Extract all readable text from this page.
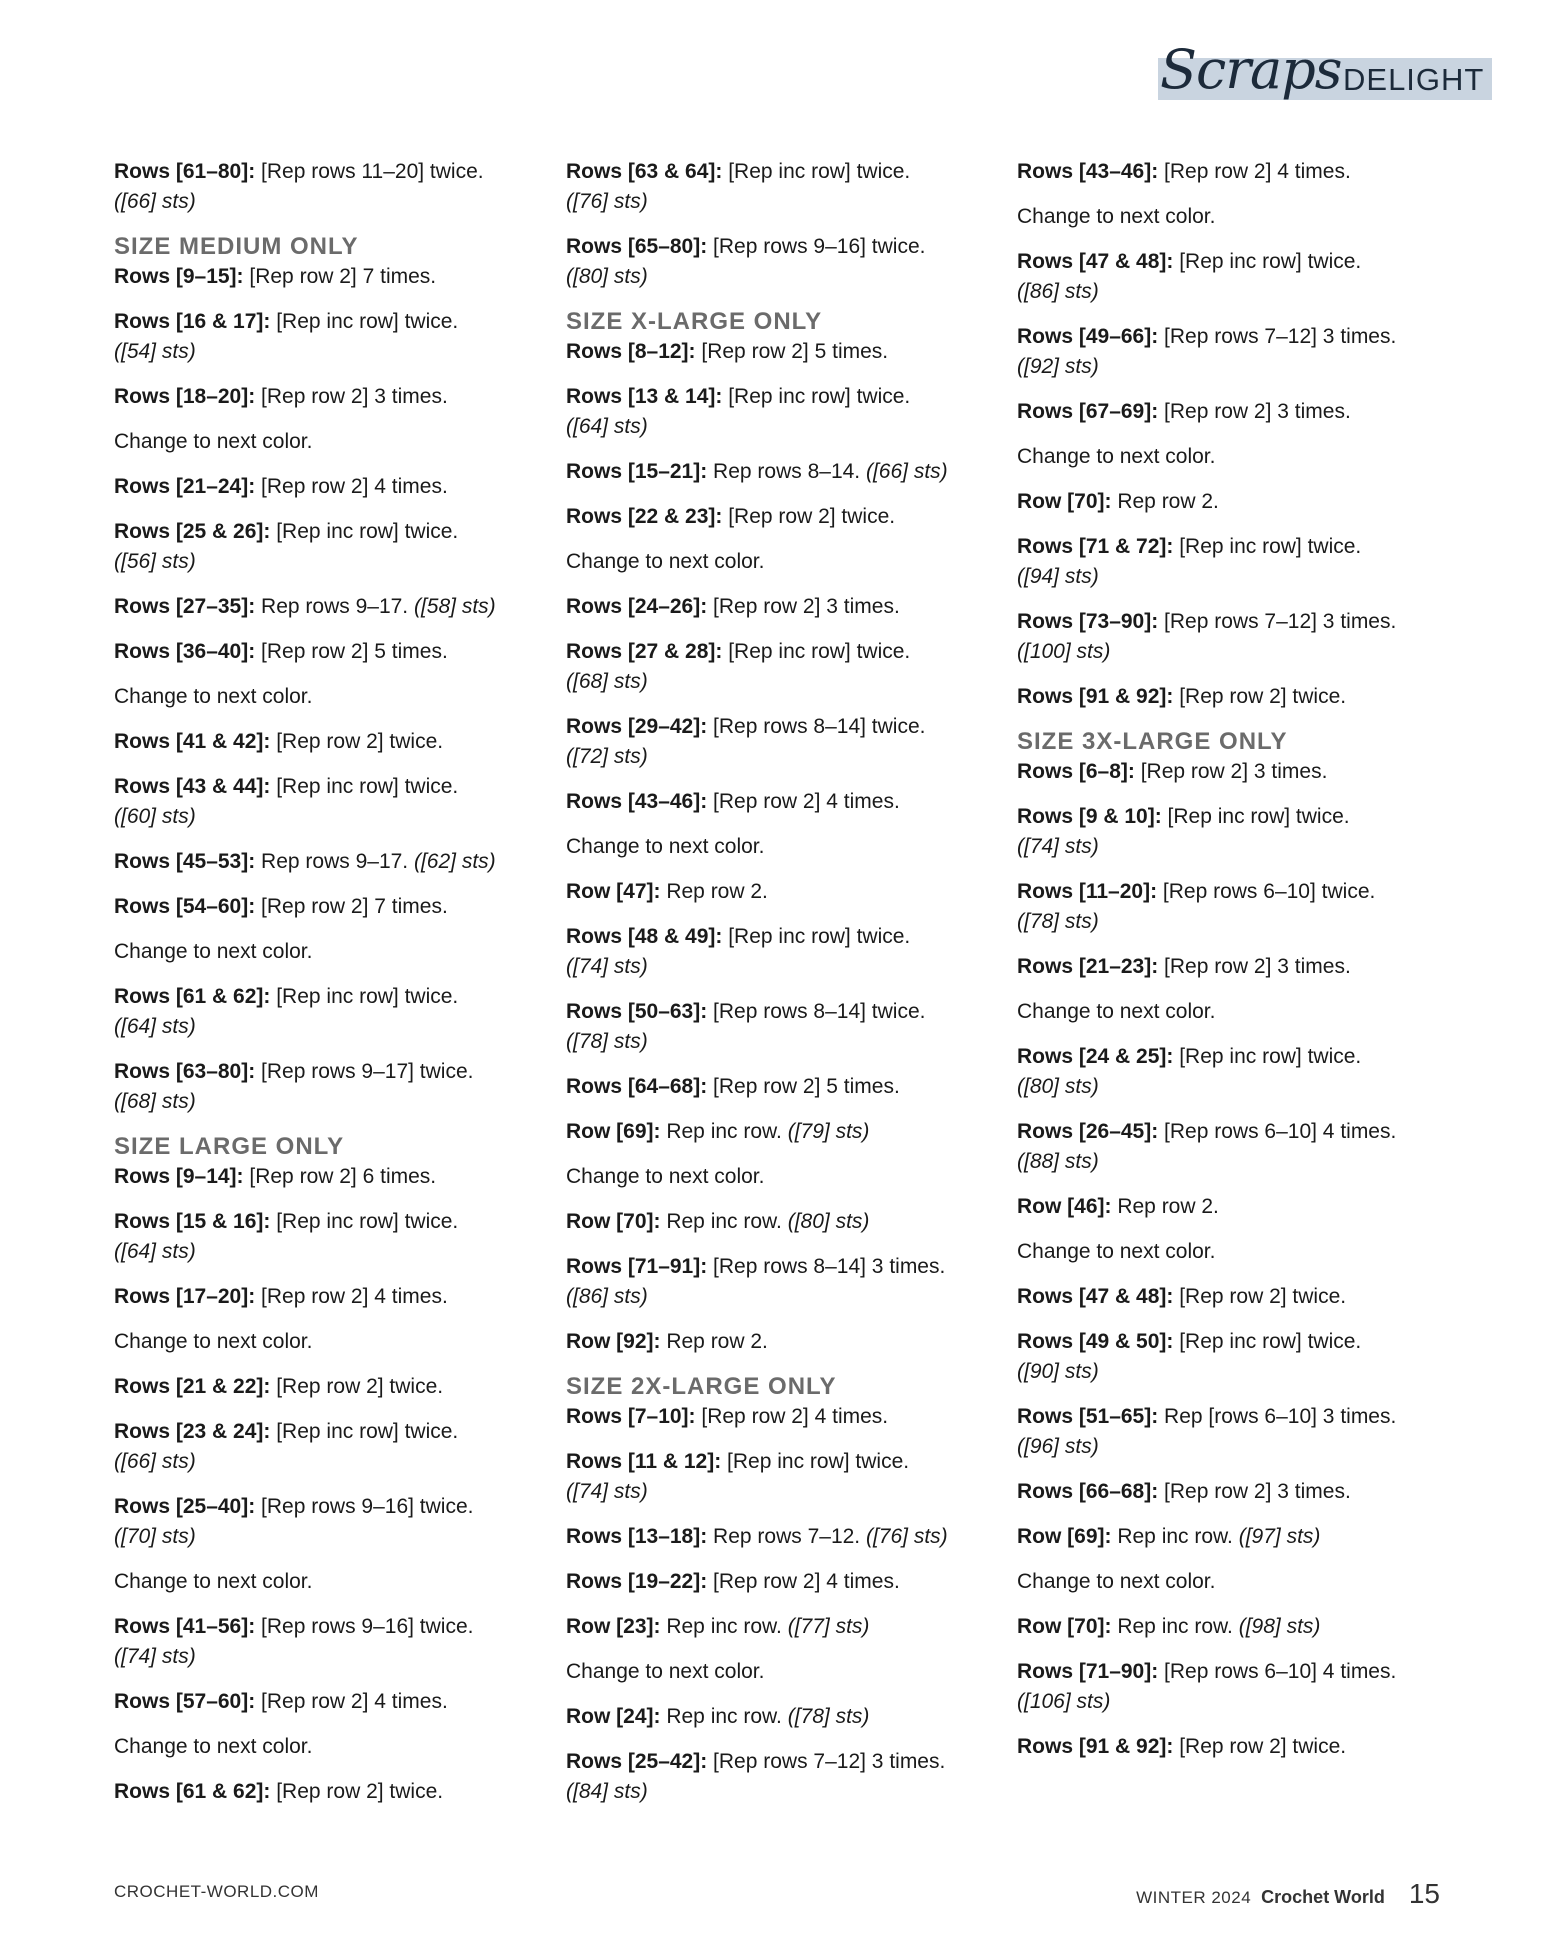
Scraps DELIGHT
Rows [61–80]: [Rep rows 11–20] twice.
([66] sts)
SIZE MEDIUM ONLY
Rows [9–15]: [Rep row 2] 7 times.
Rows [16 & 17]: [Rep inc row] twice.
([54] sts)
Rows [18–20]: [Rep row 2] 3 times.
Change to next color.
Rows [21–24]: [Rep row 2] 4 times.
Rows [25 & 26]: [Rep inc row] twice.
([56] sts)
Rows [27–35]: Rep rows 9–17. ([58] sts)
Rows [36–40]: [Rep row 2] 5 times.
Change to next color.
Rows [41 & 42]: [Rep row 2] twice.
Rows [43 & 44]: [Rep inc row] twice.
([60] sts)
Rows [45–53]: Rep rows 9–17. ([62] sts)
Rows [54–60]: [Rep row 2] 7 times.
Change to next color.
Rows [61 & 62]: [Rep inc row] twice.
([64] sts)
Rows [63–80]: [Rep rows 9–17] twice.
([68] sts)
SIZE LARGE ONLY
Rows [9–14]: [Rep row 2] 6 times.
Rows [15 & 16]: [Rep inc row] twice.
([64] sts)
Rows [17–20]: [Rep row 2] 4 times.
Change to next color.
Rows [21 & 22]: [Rep row 2] twice.
Rows [23 & 24]: [Rep inc row] twice.
([66] sts)
Rows [25–40]: [Rep rows 9–16] twice.
([70] sts)
Change to next color.
Rows [41–56]: [Rep rows 9–16] twice.
([74] sts)
Rows [57–60]: [Rep row 2] 4 times.
Change to next color.
Rows [61 & 62]: [Rep row 2] twice.
Rows [63 & 64]: [Rep inc row] twice.
([76] sts)
Rows [65–80]: [Rep rows 9–16] twice.
([80] sts)
SIZE X-LARGE ONLY
Rows [8–12]: [Rep row 2] 5 times.
Rows [13 & 14]: [Rep inc row] twice.
([64] sts)
Rows [15–21]: Rep rows 8–14. ([66] sts)
Rows [22 & 23]: [Rep row 2] twice.
Change to next color.
Rows [24–26]: [Rep row 2] 3 times.
Rows [27 & 28]: [Rep inc row] twice.
([68] sts)
Rows [29–42]: [Rep rows 8–14] twice.
([72] sts)
Rows [43–46]: [Rep row 2] 4 times.
Change to next color.
Row [47]: Rep row 2.
Rows [48 & 49]: [Rep inc row] twice.
([74] sts)
Rows [50–63]: [Rep rows 8–14] twice.
([78] sts)
Rows [64–68]: [Rep row 2] 5 times.
Row [69]: Rep inc row. ([79] sts)
Change to next color.
Row [70]: Rep inc row. ([80] sts)
Rows [71–91]: [Rep rows 8–14] 3 times.
([86] sts)
Row [92]: Rep row 2.
SIZE 2X-LARGE ONLY
Rows [7–10]: [Rep row 2] 4 times.
Rows [11 & 12]: [Rep inc row] twice.
([74] sts)
Rows [13–18]: Rep rows 7–12. ([76] sts)
Rows [19–22]: [Rep row 2] 4 times.
Row [23]: Rep inc row. ([77] sts)
Change to next color.
Row [24]: Rep inc row. ([78] sts)
Rows [25–42]: [Rep rows 7–12] 3 times.
([84] sts)
Rows [43–46]: [Rep row 2] 4 times.
Change to next color.
Rows [47 & 48]: [Rep inc row] twice.
([86] sts)
Rows [49–66]: [Rep rows 7–12] 3 times.
([92] sts)
Rows [67–69]: [Rep row 2] 3 times.
Change to next color.
Row [70]: Rep row 2.
Rows [71 & 72]: [Rep inc row] twice.
([94] sts)
Rows [73–90]: [Rep rows 7–12] 3 times.
([100] sts)
Rows [91 & 92]: [Rep row 2] twice.
SIZE 3X-LARGE ONLY
Rows [6–8]: [Rep row 2] 3 times.
Rows [9 & 10]: [Rep inc row] twice.
([74] sts)
Rows [11–20]: [Rep rows 6–10] twice.
([78] sts)
Rows [21–23]: [Rep row 2] 3 times.
Change to next color.
Rows [24 & 25]: [Rep inc row] twice.
([80] sts)
Rows [26–45]: [Rep rows 6–10] 4 times.
([88] sts)
Row [46]: Rep row 2.
Change to next color.
Rows [47 & 48]: [Rep row 2] twice.
Rows [49 & 50]: [Rep inc row] twice.
([90] sts)
Rows [51–65]: Rep [rows 6–10] 3 times.
([96] sts)
Rows [66–68]: [Rep row 2] 3 times.
Row [69]: Rep inc row. ([97] sts)
Change to next color.
Row [70]: Rep inc row. ([98] sts)
Rows [71–90]: [Rep rows 6–10] 4 times.
([106] sts)
Rows [91 & 92]: [Rep row 2] twice.
CROCHET-WORLD.COM	WINTER 2024 Crochet World 15
